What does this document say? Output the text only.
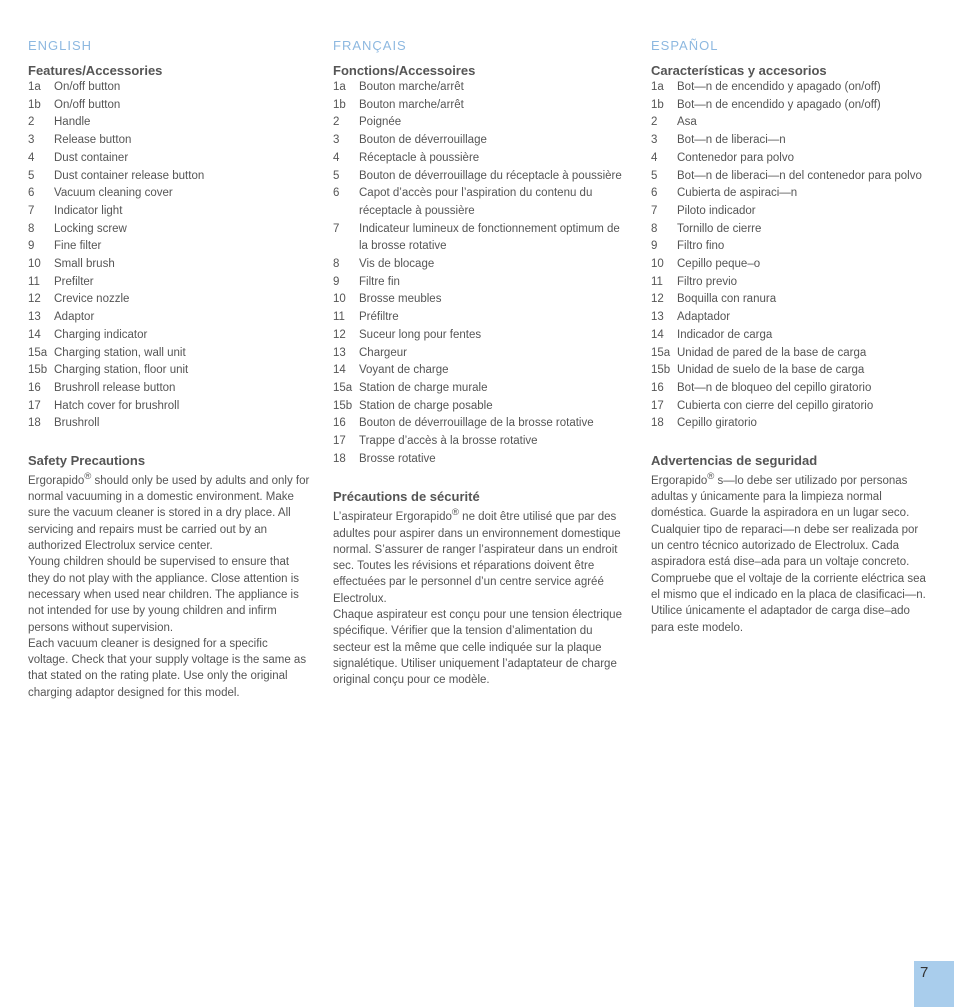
ENGLISH
Features/Accessories
1a	On/off button
1b	On/off button
2	Handle
3	Release button
4	Dust container
5	Dust container release button
6	Vacuum cleaning cover
7	Indicator light
8	Locking screw
9	Fine filter
10	Small brush
11	Prefilter
12	Crevice nozzle
13	Adaptor
14	Charging indicator
15a Charging station, wall unit
15b Charging station, floor unit
16	Brushroll release button
17	Hatch cover for brushroll
18	Brushroll
Safety Precautions

Ergorapido® should only be used by adults and only for normal vacuuming in a domestic environment. Make sure the vacuum cleaner is stored in a dry place. All servicing and repairs must be carried out by an authorized Electrolux service center.

Young children should be supervised to ensure that they do not play with the appliance. Close attention is necessary when used near children. The appliance is not intended for use by young children and infirm persons without supervision.

Each vacuum cleaner is designed for a specific voltage. Check that your supply voltage is the same as that stated on the rating plate. Use only the original charging adaptor designed for this model.

FRANÇAIS
Fonctions/Accessoires
1a	Bouton marche/arrêt
1b	Bouton marche/arrêt
2	Poignée
3	Bouton de déverrouillage
4	Réceptacle à poussière
5	Bouton de déverrouillage du réceptacle à poussière
6	Capot d’accès pour l’aspiration du contenu du réceptacle à poussière
7	Indicateur lumineux de fonctionnement optimum de la brosse rotative
8	Vis de blocage
9	Filtre fin
10	Brosse meubles
11	Préfiltre
12	Suceur long pour fentes
13	Chargeur
14	Voyant de charge
15a Station de charge murale
15b Station de charge posable
16	Bouton de déverrouillage de la brosse rotative
17	Trappe d’accès à la brosse rotative
18	Brosse rotative
Précautions de sécurité

L’aspirateur Ergorapido® ne doit être utilisé que par des adultes pour aspirer dans un environnement domestique normal. S’assurer de ranger l’aspirateur dans un endroit sec. Toutes les révisions et réparations doivent être effectuées par le personnel d’un centre service agréé Electrolux.

Chaque aspirateur est conçu pour une tension électrique spécifique. Vérifier que la tension d’alimentation du secteur est la même que celle indiquée sur la plaque signalétique. Utiliser uniquement l’adaptateur de charge original conçu pour ce modèle.

ESPAÑOL
Características y accesorios
1a	Bot—n de encendido y apagado (on/off)
1b	Bot—n de encendido y apagado (on/off)
2	Asa
3	Bot—n de liberaci—n
4	Contenedor para polvo
5	Bot—n de liberaci—n del contenedor para polvo
6	Cubierta de aspiraci—n
7	Piloto indicador
8	Tornillo de cierre
9	Filtro fino
10	Cepillo peque–o
11	Filtro previo
12	Boquilla con ranura
13	Adaptador
14	Indicador de carga
15a Unidad de pared de la base de carga
15b Unidad de suelo de la base de carga
16	Bot—n de bloqueo del cepillo giratorio
17	Cubierta con cierre del cepillo giratorio
18	Cepillo giratorio
Advertencias de seguridad

Ergorapido® s—lo debe ser utilizado por personas adultas y únicamente para la limpieza normal doméstica. Guarde la aspiradora en un lugar seco. Cualquier tipo de reparaci—n debe ser realizada por un centro técnico autorizado de Electrolux. Cada aspiradora está dise–ada para un voltaje concreto. Compruebe que el voltaje de la corriente eléctrica sea el mismo que el indicado en la placa de clasificaci—n. Utilice únicamente el adaptador de carga dise–ado para este modelo.

7
